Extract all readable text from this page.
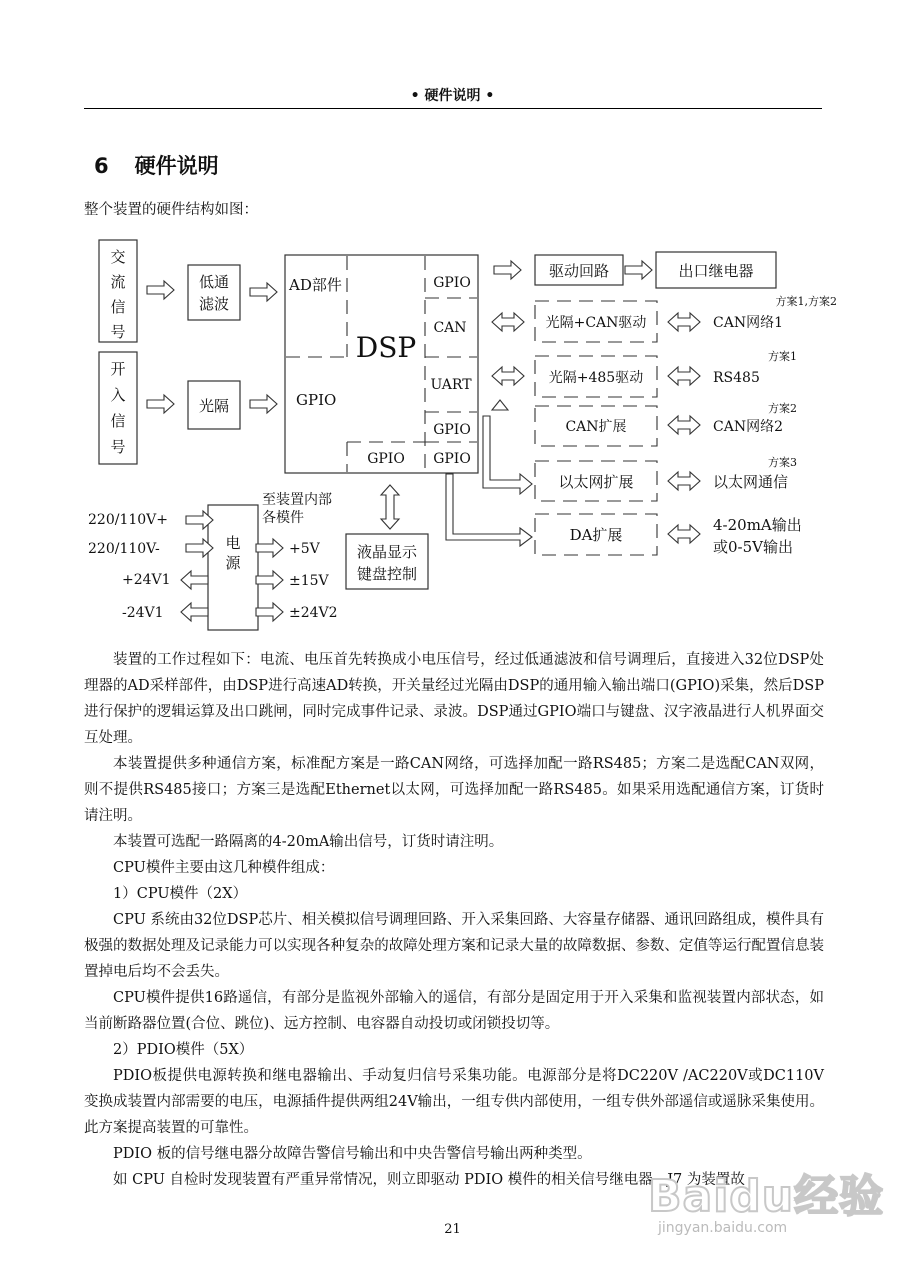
• 硬件说明 •
6 硬件说明
整个装置的硬件结构如图：
交
流
信
号
开
入
信
号
低通
滤波
光隔
AD部件
GPIO
DSP
GPIO
CAN
UART
GPIO
GPIO GPIO
驱动回路	出口继电器
光隔+CAN驱动
光隔+485驱动
CAN扩展
以太网扩展
DA扩展
CAN网络1
RS485
CAN网络2
以太网通信
4-20mA输出
或0-5V输出
方案1,方案2
方案1
方案2
方案3
220/110V+
220/110V-
+24V1
-24V1
电
源
至装置内部
各模件
+5V
±15V
±24V2
液晶显示
键盘控制

装置的工作过程如下：电流、电压首先转换成小电压信号，经过低通滤波和信号调理后，直接进入32位DSP处理器的AD采样部件，由DSP进行高速AD转换，开关量经过光隔由DSP的通用输入输出端口(GPIO)采集，然后DSP进行保护的逻辑运算及出口跳闸，同时完成事件记录、录波。DSP通过GPIO端口与键盘、汉字液晶进行人机界面交互处理。

本装置提供多种通信方案，标准配方案是一路CAN网络，可选择加配一路RS485；方案二是选配CAN双网，则不提供RS485接口；方案三是选配Ethernet以太网，可选择加配一路RS485。如果采用选配通信方案，订货时请注明。

本装置可选配一路隔离的4-20mA输出信号，订货时请注明。

CPU模件主要由这几种模件组成：

1）CPU模件（2X）

CPU 系统由32位DSP芯片、相关模拟信号调理回路、开入采集回路、大容量存储器、通讯回路组成，模件具有极强的数据处理及记录能力可以实现各种复杂的故障处理方案和记录大量的故障数据、参数、定值等运行配置信息装置掉电后均不会丢失。

CPU模件提供16路遥信，有部分是监视外部输入的遥信，有部分是固定用于开入采集和监视装置内部状态，如当前断路器位置(合位、跳位)、远方控制、电容器自动投切或闭锁投切等。

2）PDIO模件（5X）

PDIO板提供电源转换和继电器输出、手动复归信号采集功能。电源部分是将DC220V /AC220V或DC110V 变换成装置内部需要的电压，电源插件提供两组24V输出，一组专供内部使用，一组专供外部遥信或遥脉采集使用。此方案提高装置的可靠性。

PDIO 板的信号继电器分故障告警信号输出和中央告警信号输出两种类型。

如 CPU 自检时发现装置有严重异常情况，则立即驱动 PDIO 模件的相关信号继电器。J7 为装置故

Baidu经验
jingyan.baidu.com
21
